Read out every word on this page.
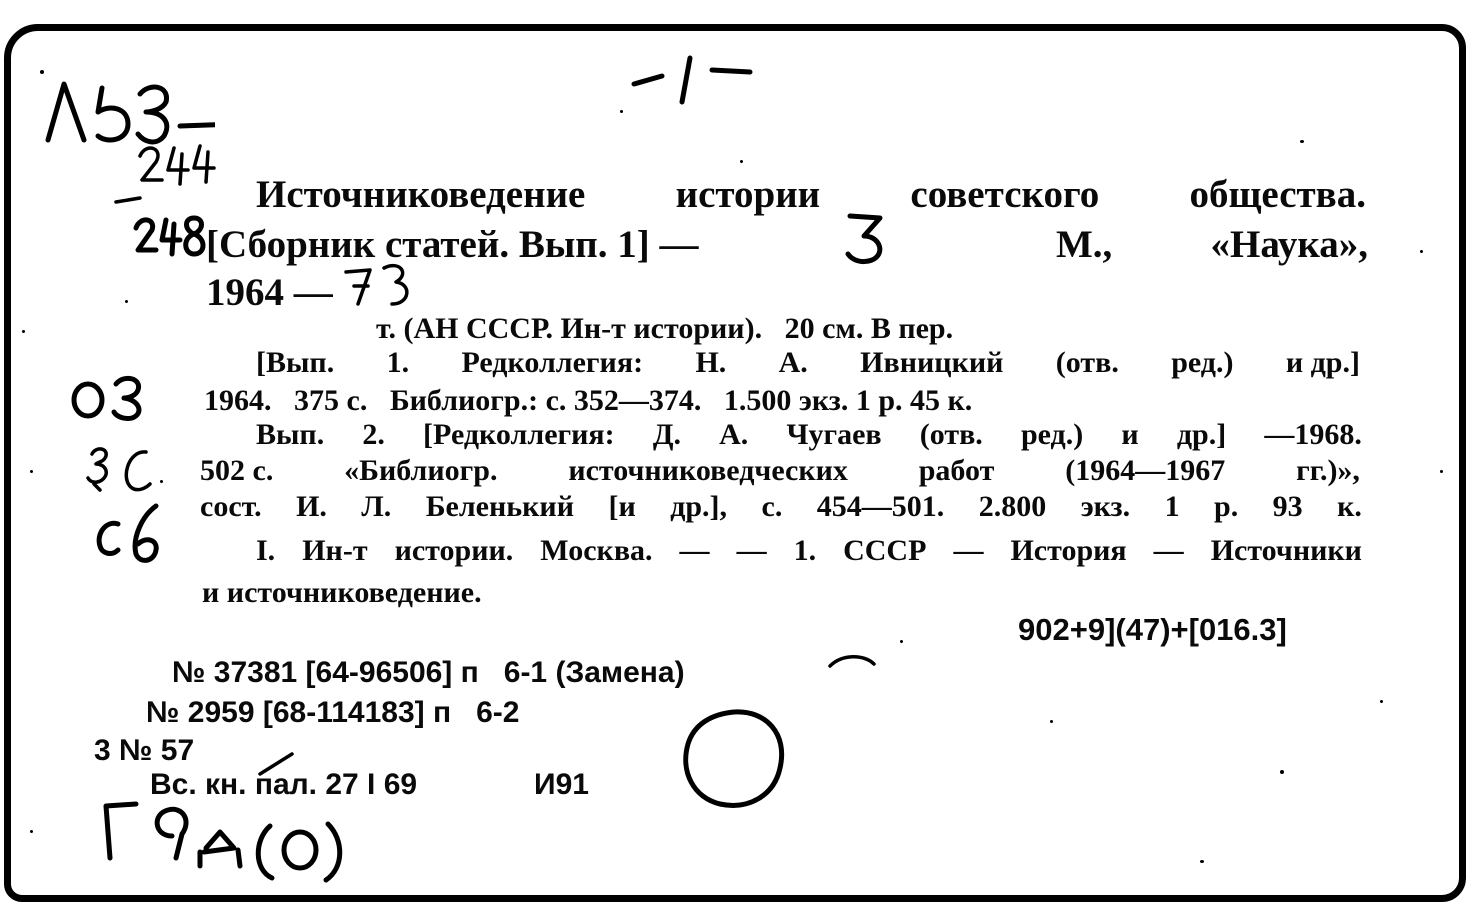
Источниковедение истории советского общества.
[Сборник статей. Вып. 1] —	М.,	«Наука»,
1964 —
т. (АН СССР. Ин-т истории).   20 см. В пер.
[Вып. 1. Редколлегия: Н. А. Ивницкий (отв. ред.) и др.]
1964.   375 с.   Библиогр.: с. 352—374.   1.500 экз. 1 р. 45 к.
Вып. 2. [Редколлегия: Д. А. Чугаев (отв. ред.) и др.] —1968.
502 с. «Библиогр. источниковедческих работ (1964—1967 гг.)»,
сост. И. Л. Беленький [и др.], с. 454—501. 2.800 экз. 1 р. 93 к.
I. Ин-т истории. Москва. — — 1. СССР — История — Источники
и источниковедение.
902+9](47)+[016.3]
№ 37381 [64-96506] п   6-1 (Замена)
№ 2959 [68-114183] п   6-2
3 № 57
Вс. кн. пал. 27 I 69	И91
